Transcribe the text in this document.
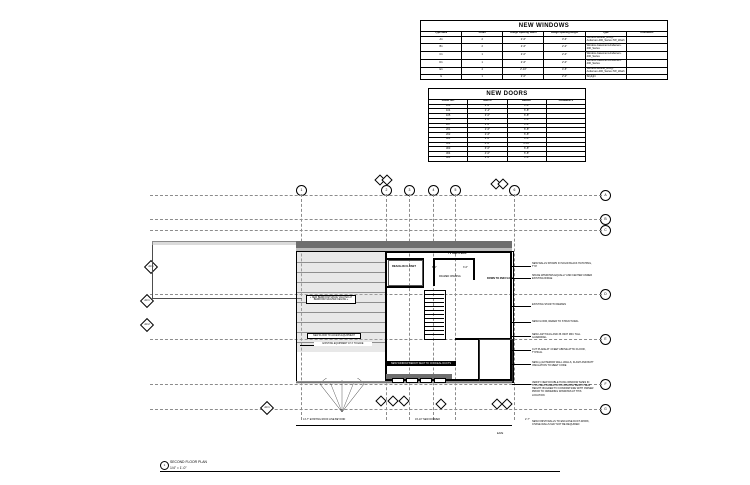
NEW WINDOWS					
Type Mark	Count	Rough Opening Width	Rough Opening Height	Type	Comments
A1	2	2'-6"	3'-6"	Window-Double_Hung-Andersen-400_Series-TW_Wash	
B1	2	2'-6"	2'-0"	Window-Casement-Andersen-400_Series	
C1	1	2'-0"	2'-0"	Window-Casement-Andersen-400_Series	
D1	1	2'-6"	2'-0"	Window-Casement-Andersen-400_Series	
E1	4	2'-10"	4'-5"	Window-Double_Hung-Andersen-400_Series-TW_Wash	
G	1	2'-0"	2'-0"	Skylight	
NEW DOORS			
DOOR NO.	WIDTH	HEIGHT	COMMENTS
103	2'-6"	6'-8"	
104	2'-4"	6'-8"	
105	3'-0"	6'-8"	
106	2'-6"	6'-8"	
107	2'-6"	6'-8"	
201	2'-6"	6'-8"	
202	2'-6"	6'-8"	
301	2'-0"	6'-8"	
302	4'-0"	6'-10"	
303	6'-0"	6'-8"	
304	4'-0"	6'-8"	
401	2'-6"	6'-8"	
1	2	3	4	5	6
A
B
C
D
E
F
G
A3.1
A3.1
A3.2
A3.1
REACH-IN CLOSET
TV AND X-BOX
FRAMED OPENING
6'-0"	3'-6"
DOWN TO 2ND FLOOR
NEW WINDOW BENCH SEAT TO CONCEAL DUCTS
+ NEW BEDROOM SPACE VAULTED AT BEDROOM VAULTED CEILING +
NEW FLOOR TO ACCESS EQUIPMENT
EXISTING EQUIPMENT AT 4' TO EAVE
NEW WALLS SHOWN IN SOLID BLACK HATCHING, TYP.
SPACE WINDOWS EQUALLY AND CENTER UNDER EXISTING RIDGE
EXISTING STAIR TO REMAIN
NEW FLOOR, REFER TO STRUCTURAL
NEW LIGHT RAIL AND 36 INCH MIN. TALL GUARDRAIL
CUT PLANE AT 4 FEET ABOVE ATTIC FLOOR, TYPICAL
NEW (e) EXTERIOR WALL WALLS, FLASH AND BATT INSULATION TO MEET CODE
VERIFY NEW DOUBLE HUNG WINDOW SIZES IN THIS FIELD BASED UPON WINDOW BENCH SEAT HEIGHT, BUILDER TO CONFIRM SIZE WITH OWNER PRIOR TO ORDERING WINDOWS AT THIS LOCATION
NEW FINISH WALLS TO ENCLOSE DUCT-WORK, CHASE WALLS MAY NOT BE REQUIRED
14'-7" EXISTING ROOF LINE BEYOND	19'-10" NEW DORMER
EAVE
2'-7"
1
SECOND FLOOR PLAN
1/4" = 1'-0"
